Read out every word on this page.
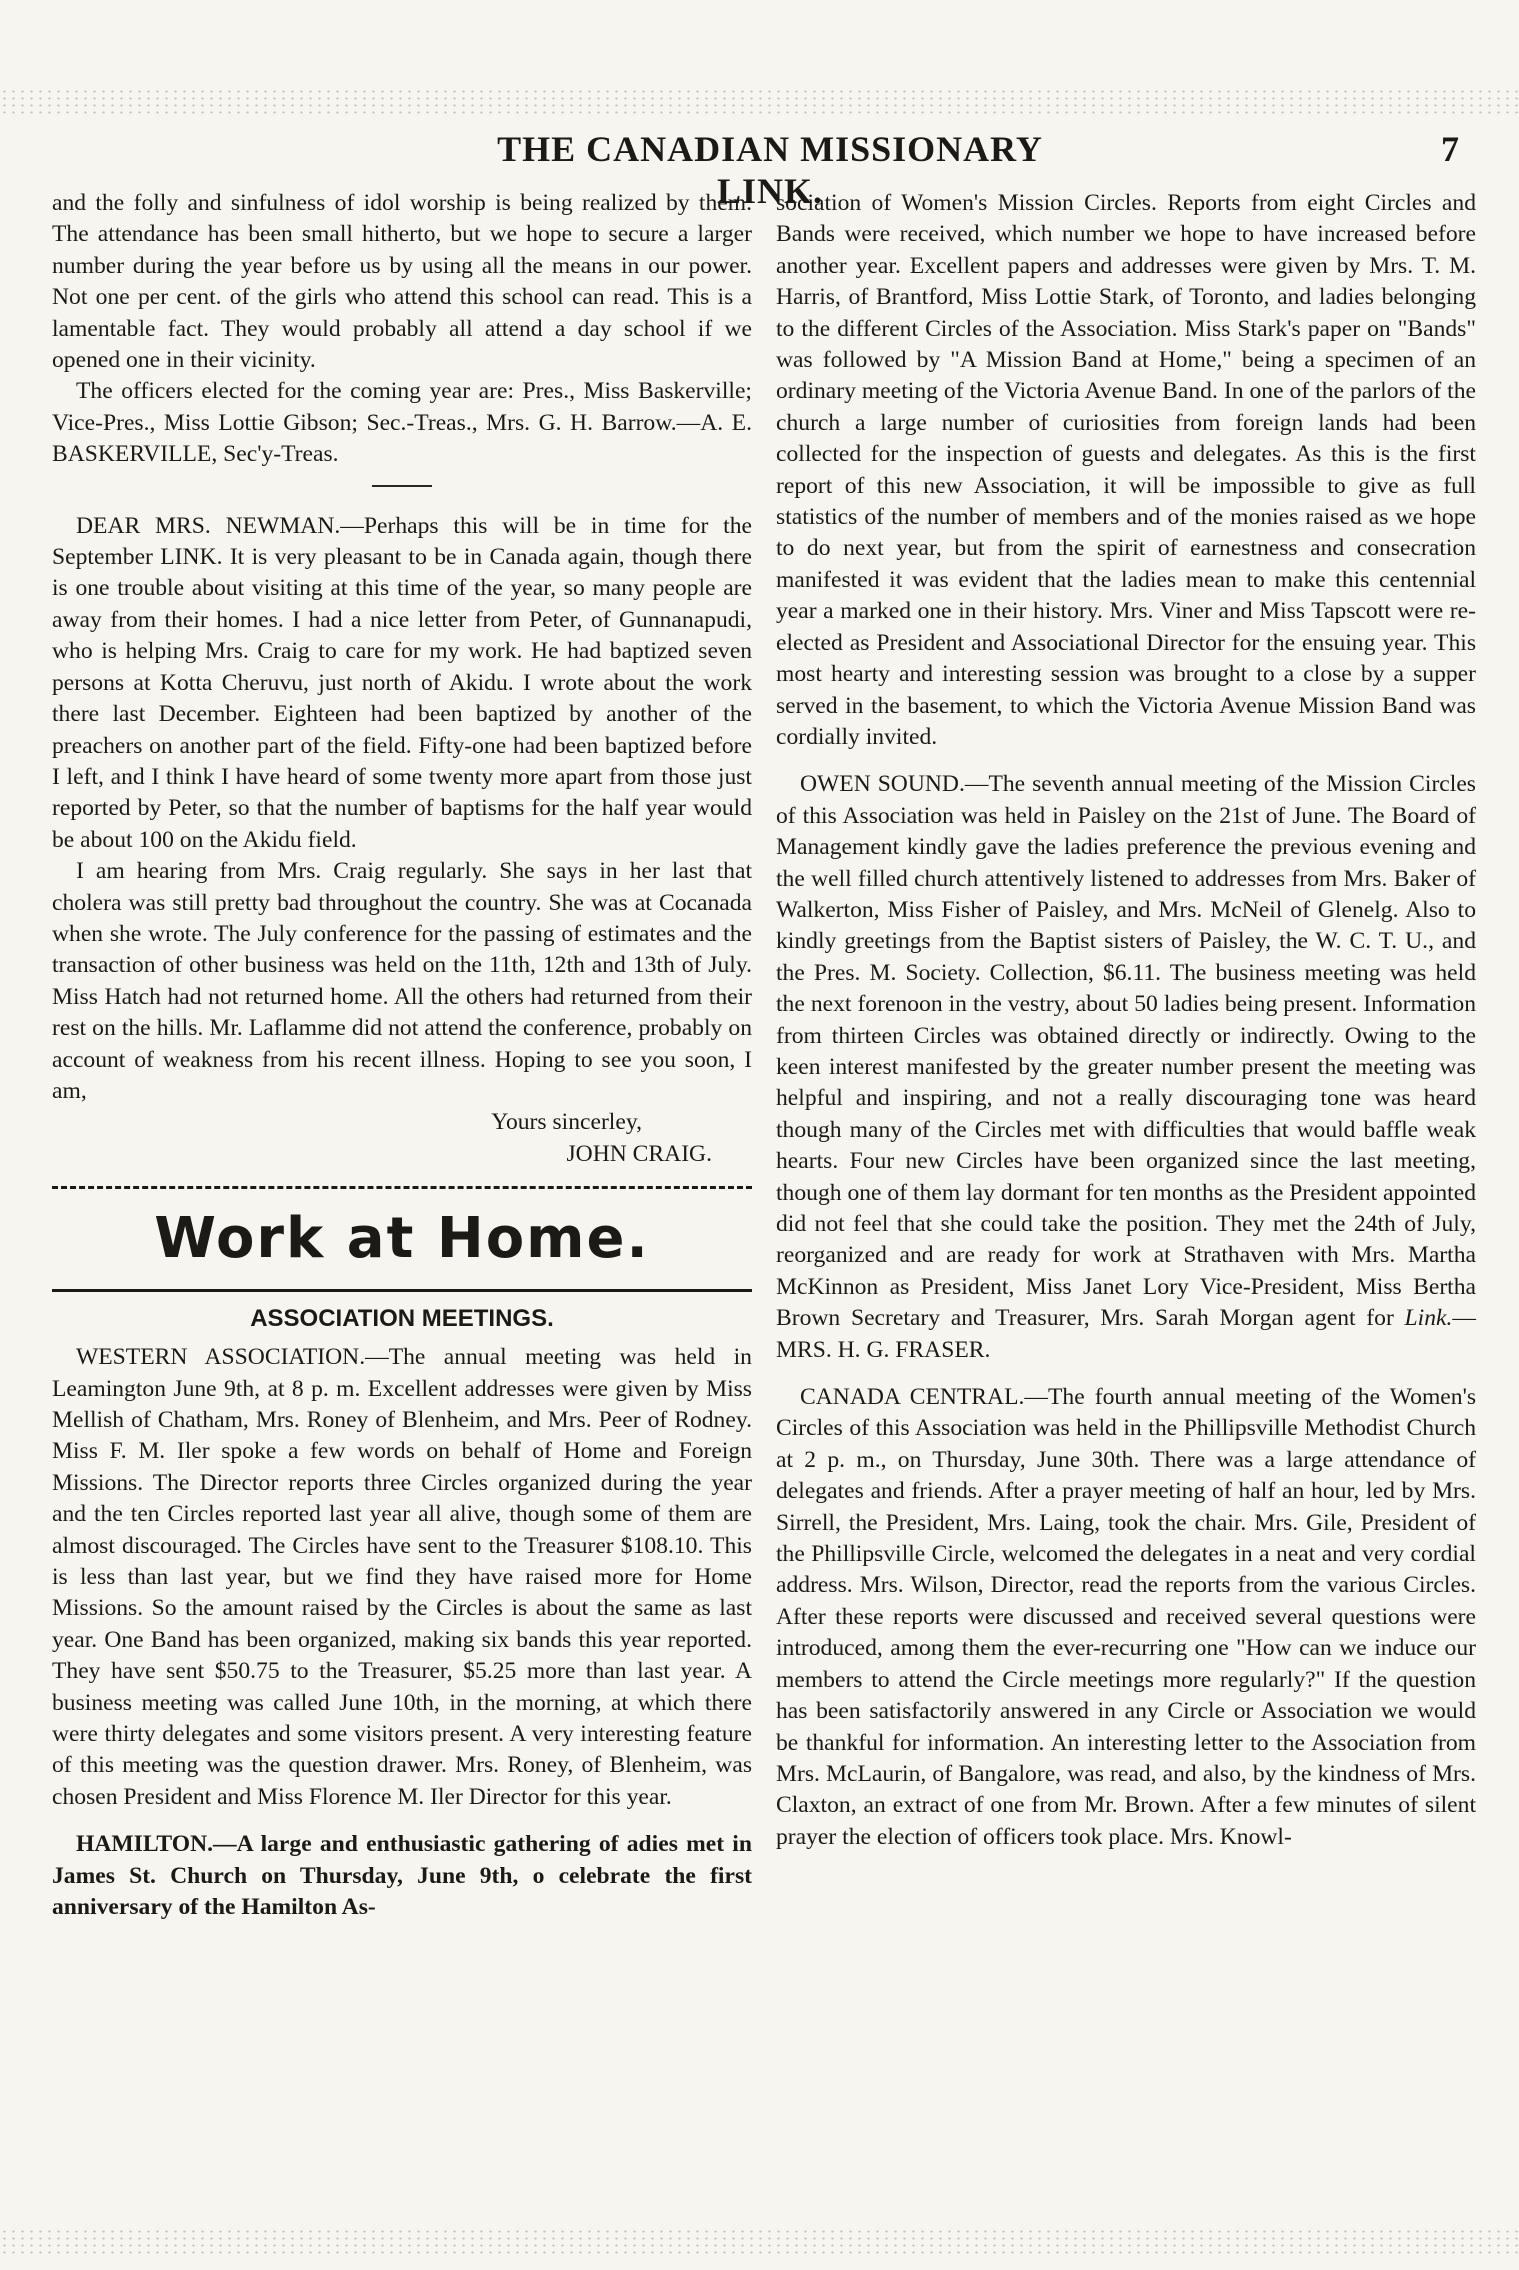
THE CANADIAN MISSIONARY LINK.
7

and the folly and sinfulness of idol worship is being realized by them. The attendance has been small hitherto, but we hope to secure a larger number during the year before us by using all the means in our power. Not one per cent. of the girls who attend this school can read. This is a lamentable fact. They would probably all attend a day school if we opened one in their vicinity.

The officers elected for the coming year are: Pres., Miss Baskerville; Vice-Pres., Miss Lottie Gibson; Sec.-Treas., Mrs. G. H. Barrow.—A. E. BASKERVILLE, Sec'y-Treas.

DEAR MRS. NEWMAN.—Perhaps this will be in time for the September LINK. It is very pleasant to be in Canada again, though there is one trouble about visiting at this time of the year, so many people are away from their homes. I had a nice letter from Peter, of Gunnanapudi, who is helping Mrs. Craig to care for my work. He had baptized seven persons at Kotta Cheruvu, just north of Akidu. I wrote about the work there last December. Eighteen had been baptized by another of the preachers on another part of the field. Fifty-one had been baptized before I left, and I think I have heard of some twenty more apart from those just reported by Peter, so that the number of baptisms for the half year would be about 100 on the Akidu field.

I am hearing from Mrs. Craig regularly. She says in her last that cholera was still pretty bad throughout the country. She was at Cocanada when she wrote. The July conference for the passing of estimates and the transaction of other business was held on the 11th, 12th and 13th of July. Miss Hatch had not returned home. All the others had returned from their rest on the hills. Mr. Laflamme did not attend the conference, probably on account of weakness from his recent illness. Hoping to see you soon, I am,

Yours sincerley,

JOHN CRAIG.

Work at Home.
ASSOCIATION MEETINGS.

WESTERN ASSOCIATION.—The annual meeting was held in Leamington June 9th, at 8 p. m. Excellent addresses were given by Miss Mellish of Chatham, Mrs. Roney of Blenheim, and Mrs. Peer of Rodney. Miss F. M. Iler spoke a few words on behalf of Home and Foreign Missions. The Director reports three Circles organized during the year and the ten Circles reported last year all alive, though some of them are almost discouraged. The Circles have sent to the Treasurer $108.10. This is less than last year, but we find they have raised more for Home Missions. So the amount raised by the Circles is about the same as last year. One Band has been organized, making six bands this year reported. They have sent $50.75 to the Treasurer, $5.25 more than last year. A business meeting was called June 10th, in the morning, at which there were thirty delegates and some visitors present. A very interesting feature of this meeting was the question drawer. Mrs. Roney, of Blenheim, was chosen President and Miss Florence M. Iler Director for this year.

HAMILTON.—A large and enthusiastic gathering of adies met in James St. Church on Thursday, June 9th, o celebrate the first anniversary of the Hamilton As-

sociation of Women's Mission Circles. Reports from eight Circles and Bands were received, which number we hope to have increased before another year. Excellent papers and addresses were given by Mrs. T. M. Harris, of Brantford, Miss Lottie Stark, of Toronto, and ladies belonging to the different Circles of the Association. Miss Stark's paper on "Bands" was followed by "A Mission Band at Home," being a specimen of an ordinary meeting of the Victoria Avenue Band. In one of the parlors of the church a large number of curiosities from foreign lands had been collected for the inspection of guests and delegates. As this is the first report of this new Association, it will be impossible to give as full statistics of the number of members and of the monies raised as we hope to do next year, but from the spirit of earnestness and consecration manifested it was evident that the ladies mean to make this centennial year a marked one in their history. Mrs. Viner and Miss Tapscott were re-elected as President and Associational Director for the ensuing year. This most hearty and interesting session was brought to a close by a supper served in the basement, to which the Victoria Avenue Mission Band was cordially invited.

OWEN SOUND.—The seventh annual meeting of the Mission Circles of this Association was held in Paisley on the 21st of June. The Board of Management kindly gave the ladies preference the previous evening and the well filled church attentively listened to addresses from Mrs. Baker of Walkerton, Miss Fisher of Paisley, and Mrs. McNeil of Glenelg. Also to kindly greetings from the Baptist sisters of Paisley, the W. C. T. U., and the Pres. M. Society. Collection, $6.11. The business meeting was held the next forenoon in the vestry, about 50 ladies being present. Information from thirteen Circles was obtained directly or indirectly. Owing to the keen interest manifested by the greater number present the meeting was helpful and inspiring, and not a really discouraging tone was heard though many of the Circles met with difficulties that would baffle weak hearts. Four new Circles have been organized since the last meeting, though one of them lay dormant for ten months as the President appointed did not feel that she could take the position. They met the 24th of July, reorganized and are ready for work at Strathaven with Mrs. Martha McKinnon as President, Miss Janet Lory Vice-President, Miss Bertha Brown Secretary and Treasurer, Mrs. Sarah Morgan agent for Link.—MRS. H. G. FRASER.

CANADA CENTRAL.—The fourth annual meeting of the Women's Circles of this Association was held in the Phillipsville Methodist Church at 2 p. m., on Thursday, June 30th. There was a large attendance of delegates and friends. After a prayer meeting of half an hour, led by Mrs. Sirrell, the President, Mrs. Laing, took the chair. Mrs. Gile, President of the Phillipsville Circle, welcomed the delegates in a neat and very cordial address. Mrs. Wilson, Director, read the reports from the various Circles. After these reports were discussed and received several questions were introduced, among them the ever-recurring one "How can we induce our members to attend the Circle meetings more regularly?" If the question has been satisfactorily answered in any Circle or Association we would be thankful for information. An interesting letter to the Association from Mrs. McLaurin, of Bangalore, was read, and also, by the kindness of Mrs. Claxton, an extract of one from Mr. Brown. After a few minutes of silent prayer the election of officers took place. Mrs. Knowl-
